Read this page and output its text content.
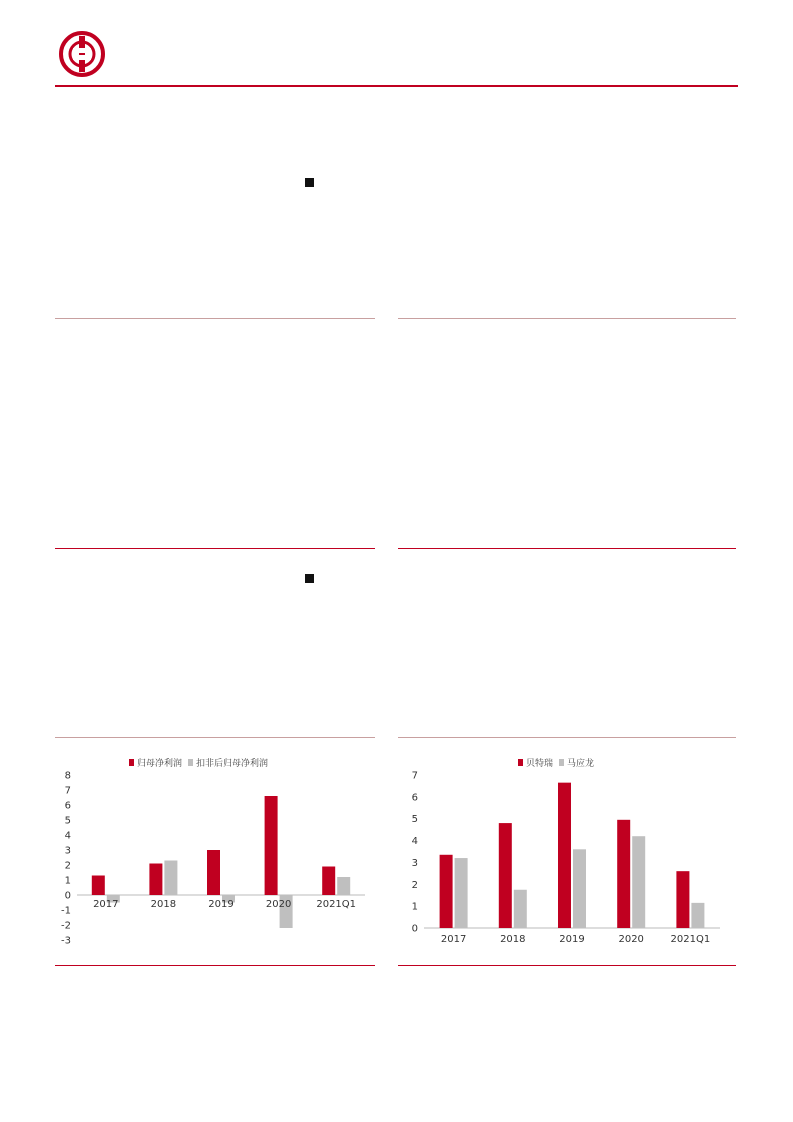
归母净利润 扣非后归母净利润
-3
-2
-1
0
1
2
3
4
5
6
7
8
2017	2018	2019	2020	2021Q1
贝特瑞 马应龙
0
1
2
3
4
5
6
7
2017	2018	2019	2020	2021Q1
